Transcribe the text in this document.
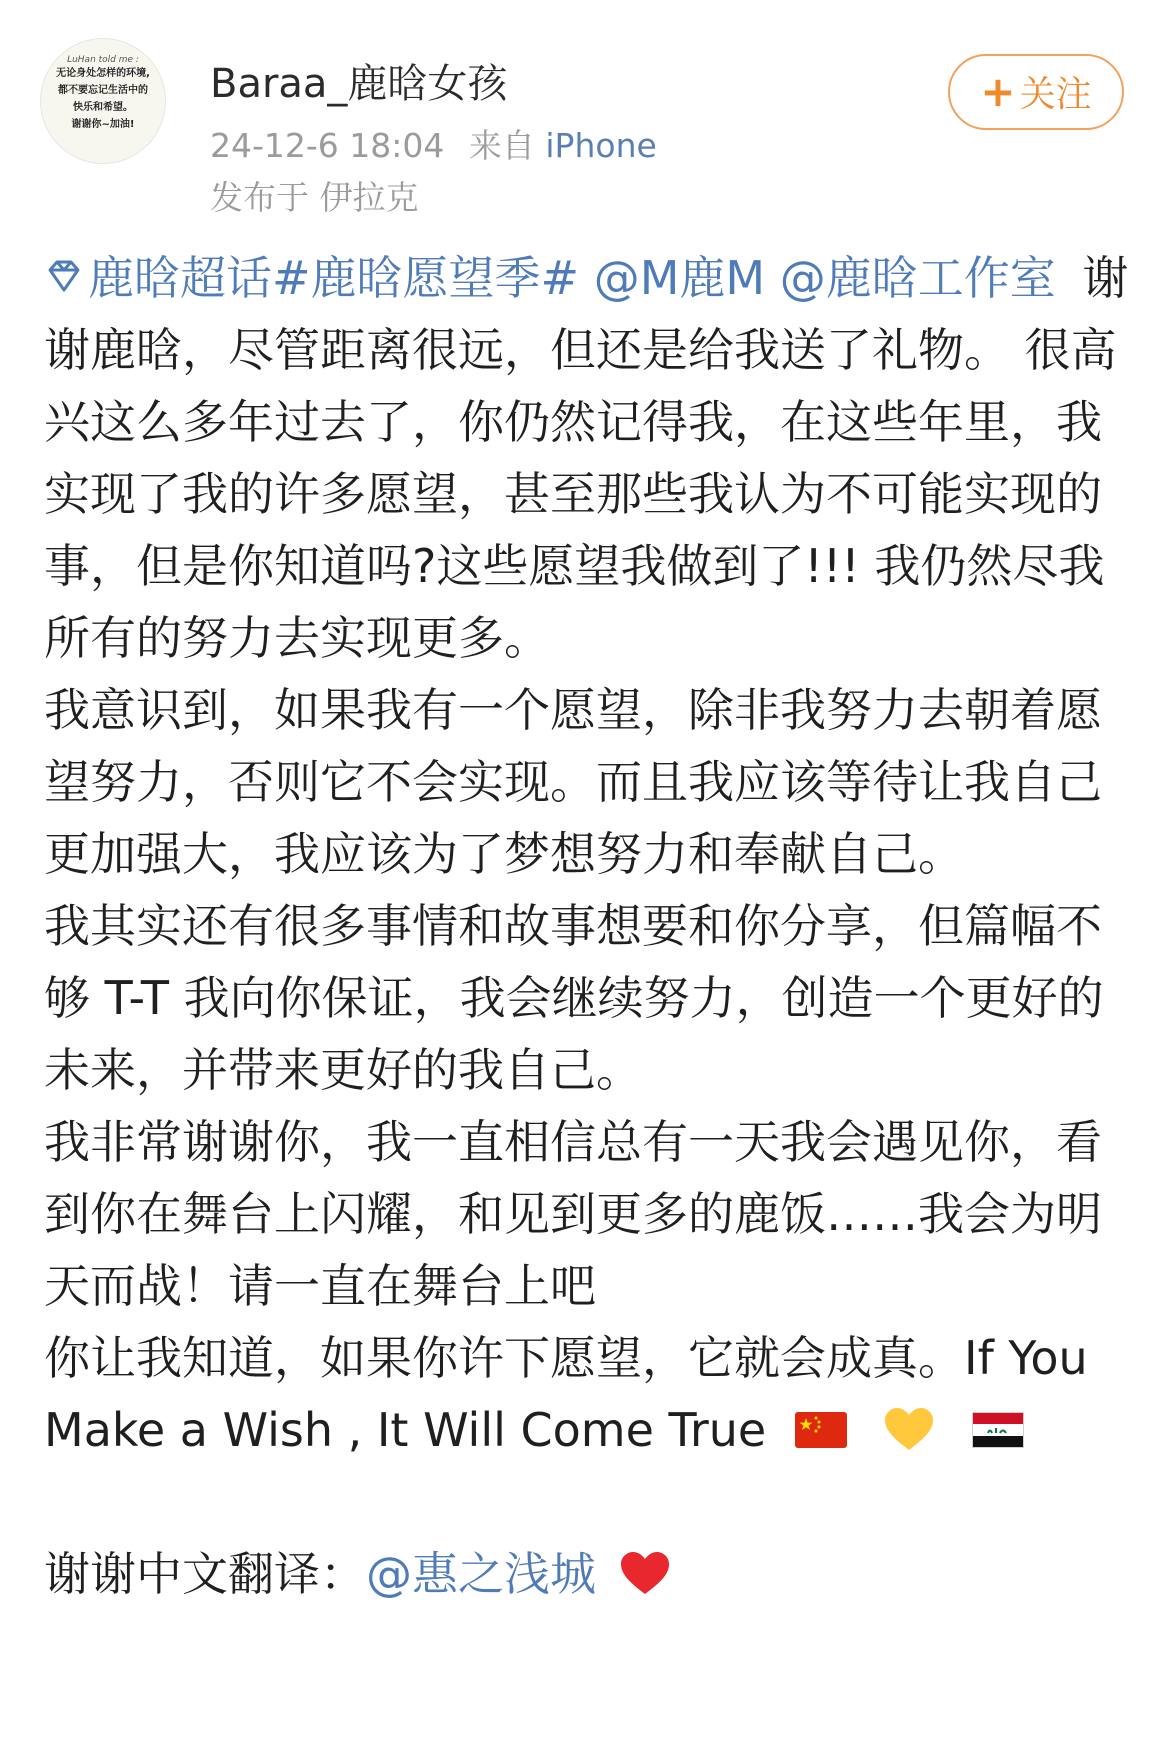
LuHan told me :
无论身处怎样的环境,
都不要忘记生活中的
快乐和希望。
谢谢你~加油!
Baraa_鹿晗女孩
24-12-6 18:04 来自 iPhone
发布于 伊拉克
+ 关注

鹿晗超话#鹿晗愿望季# @M鹿M @鹿晗工作室 谢谢鹿晗，尽管距离很远，但还是给我送了礼物。 很高兴这么多年过去了，你仍然记得我，在这些年里，我实现了我的许多愿望，甚至那些我认为不可能实现的事，但是你知道吗?这些愿望我做到了!!! 我仍然尽我所有的努力去实现更多。

我意识到，如果我有一个愿望，除非我努力去朝着愿望努力，否则它不会实现。而且我应该等待让我自己更加强大，我应该为了梦想努力和奉献自己。

我其实还有很多事情和故事想要和你分享，但篇幅不够 T-T 我向你保证，我会继续努力，创造一个更好的未来，并带来更好的我自己。

我非常谢谢你，我一直相信总有一天我会遇见你，看到你在舞台上闪耀，和见到更多的鹿饭……我会为明天而战！请一直在舞台上吧

你让我知道，如果你许下愿望，它就会成真。If You Make a Wish , It Will Come True

谢谢中文翻译：@惠之浅城
